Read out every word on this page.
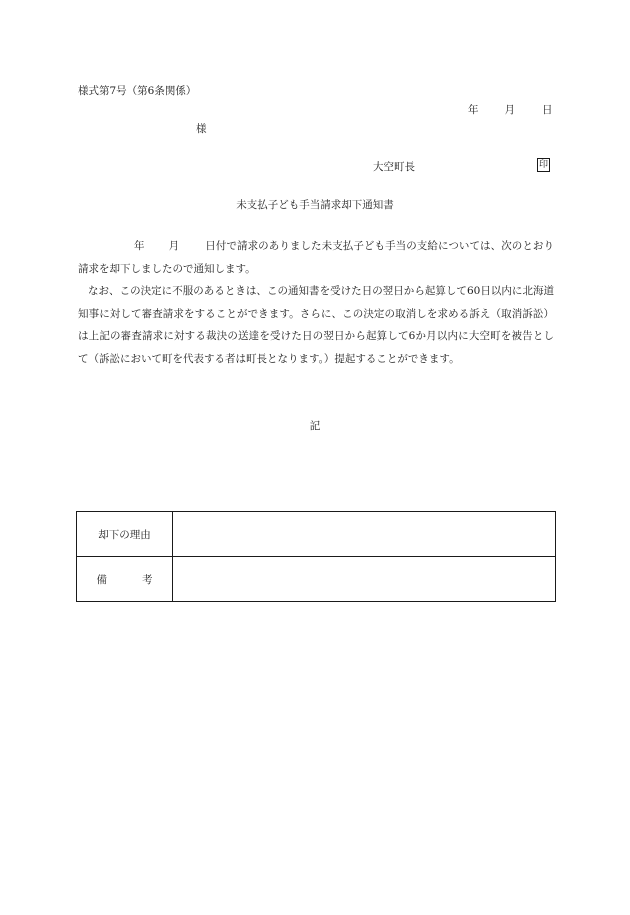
様式第7号（第6条関係）
年 月	日
様
大空町長	印
未支払子ども手当請求却下通知書

年 月 日付で請求のありました未支払子ども手当の支給については、次のとおり請求を却下しましたので通知します。

なお、この決定に不服のあるときは、この通知書を受けた日の翌日から起算して60日以内に北海道知事に対して審査請求をすることができます。さらに、この決定の取消しを求める訴え（取消訴訟）は上記の審査請求に対する裁決の送達を受けた日の翌日から起算して6か月以内に大空町を被告として（訴訟において町を代表する者は町長となります。）提起することができます。

記
却下の理由	

備 考	
